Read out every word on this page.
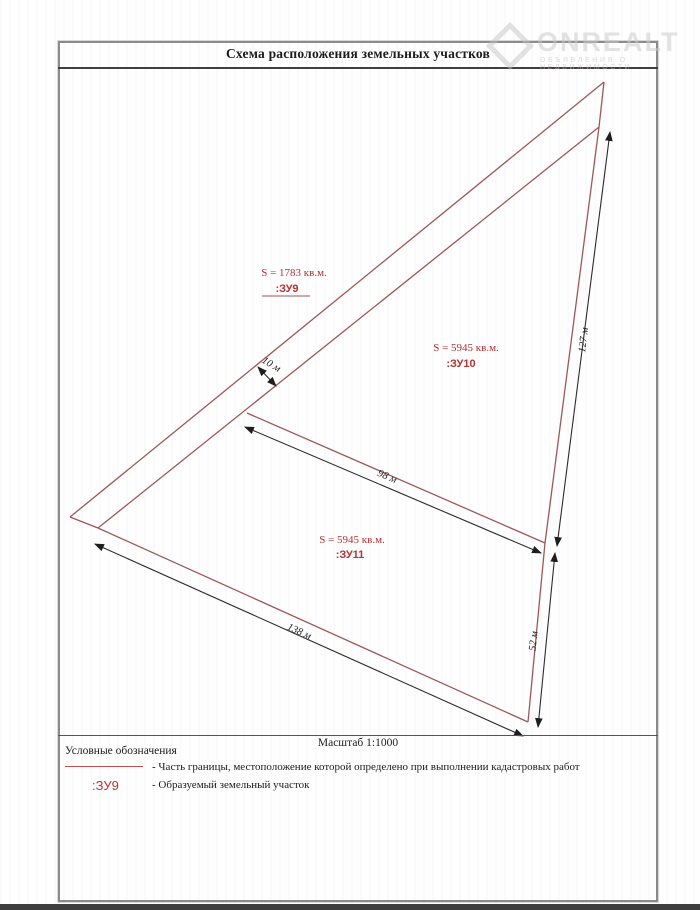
Схема расположения земельных участков
S = 1783 кв.м.
:ЗУ9
S = 5945 кв.м.
:ЗУ10
S = 5945 кв.м.
:ЗУ11
10 м
127 м
98 м
138 м	52 м
Масштаб 1:1000
Условные обозначения
- Часть границы, местоположение которой определено при выполнении кадастровых работ
:ЗУ9	- Образуемый земельный участок
ONREALT
ОБЪЯВЛЕНИЯ О НЕДВИЖИМОСТИ
